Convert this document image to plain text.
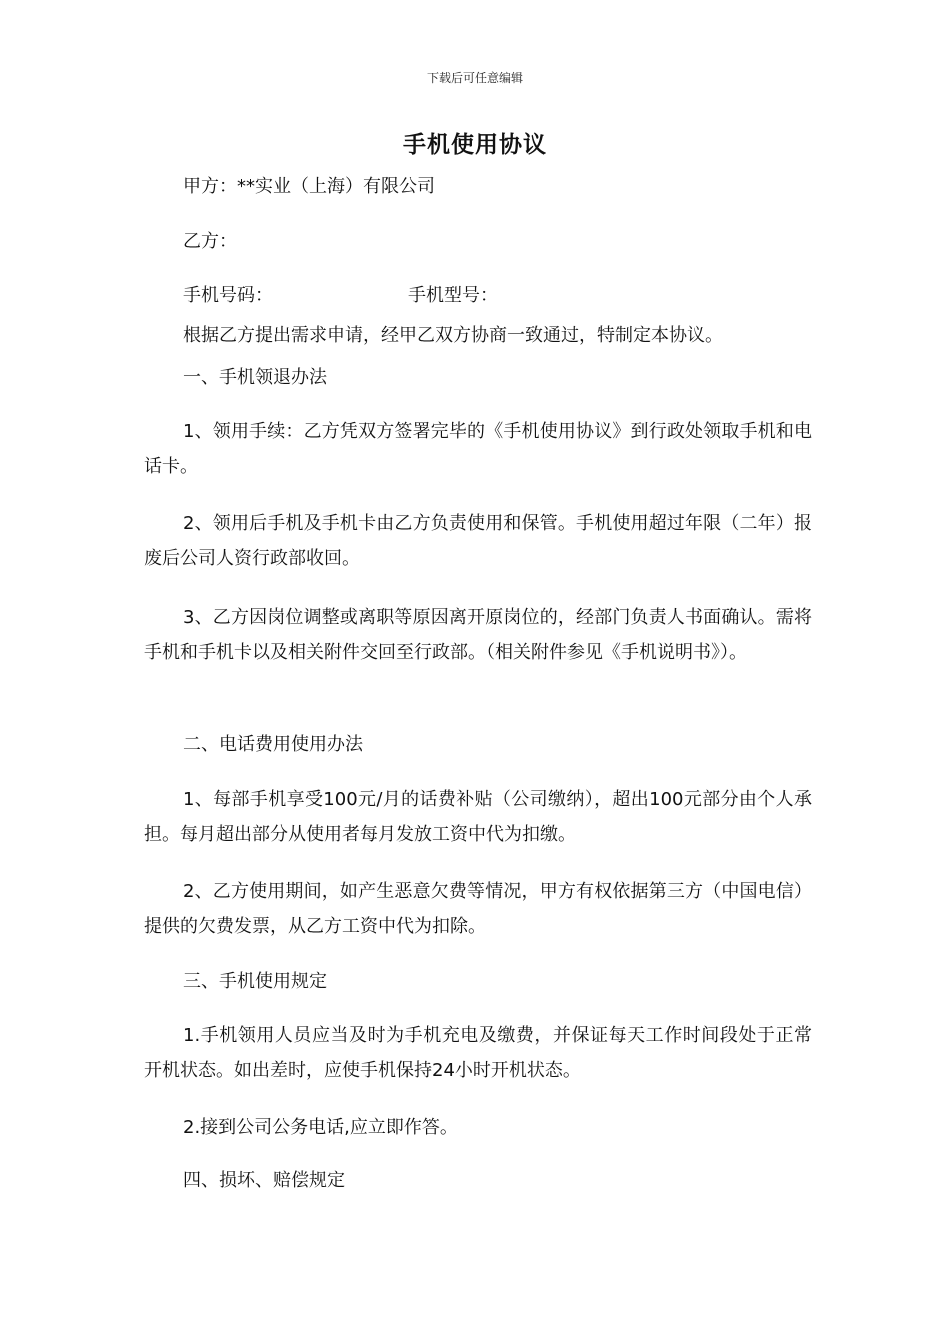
下载后可任意编辑
手机使用协议
甲方：**实业（上海）有限公司
乙方：
手机号码：	手机型号：
根据乙方提出需求申请，经甲乙双方协商一致通过，特制定本协议。
一、手机领退办法
1、领用手续：乙方凭双方签署完毕的《手机使用协议》到行政处领取手机和电话卡。
2、领用后手机及手机卡由乙方负责使用和保管。手机使用超过年限（二年）报废后公司人资行政部收回。
3、乙方因岗位调整或离职等原因离开原岗位的，经部门负责人书面确认。需将手机和手机卡以及相关附件交回至行政部。（相关附件参见《手机说明书》）。
二、电话费用使用办法
1、每部手机享受100元/月的话费补贴（公司缴纳），超出100元部分由个人承担。每月超出部分从使用者每月发放工资中代为扣缴。
2、乙方使用期间，如产生恶意欠费等情况，甲方有权依据第三方（中国电信）提供的欠费发票，从乙方工资中代为扣除。
三、手机使用规定
1.手机领用人员应当及时为手机充电及缴费，并保证每天工作时间段处于正常开机状态。如出差时，应使手机保持24小时开机状态。
2.接到公司公务电话,应立即作答。
四、损坏、赔偿规定
